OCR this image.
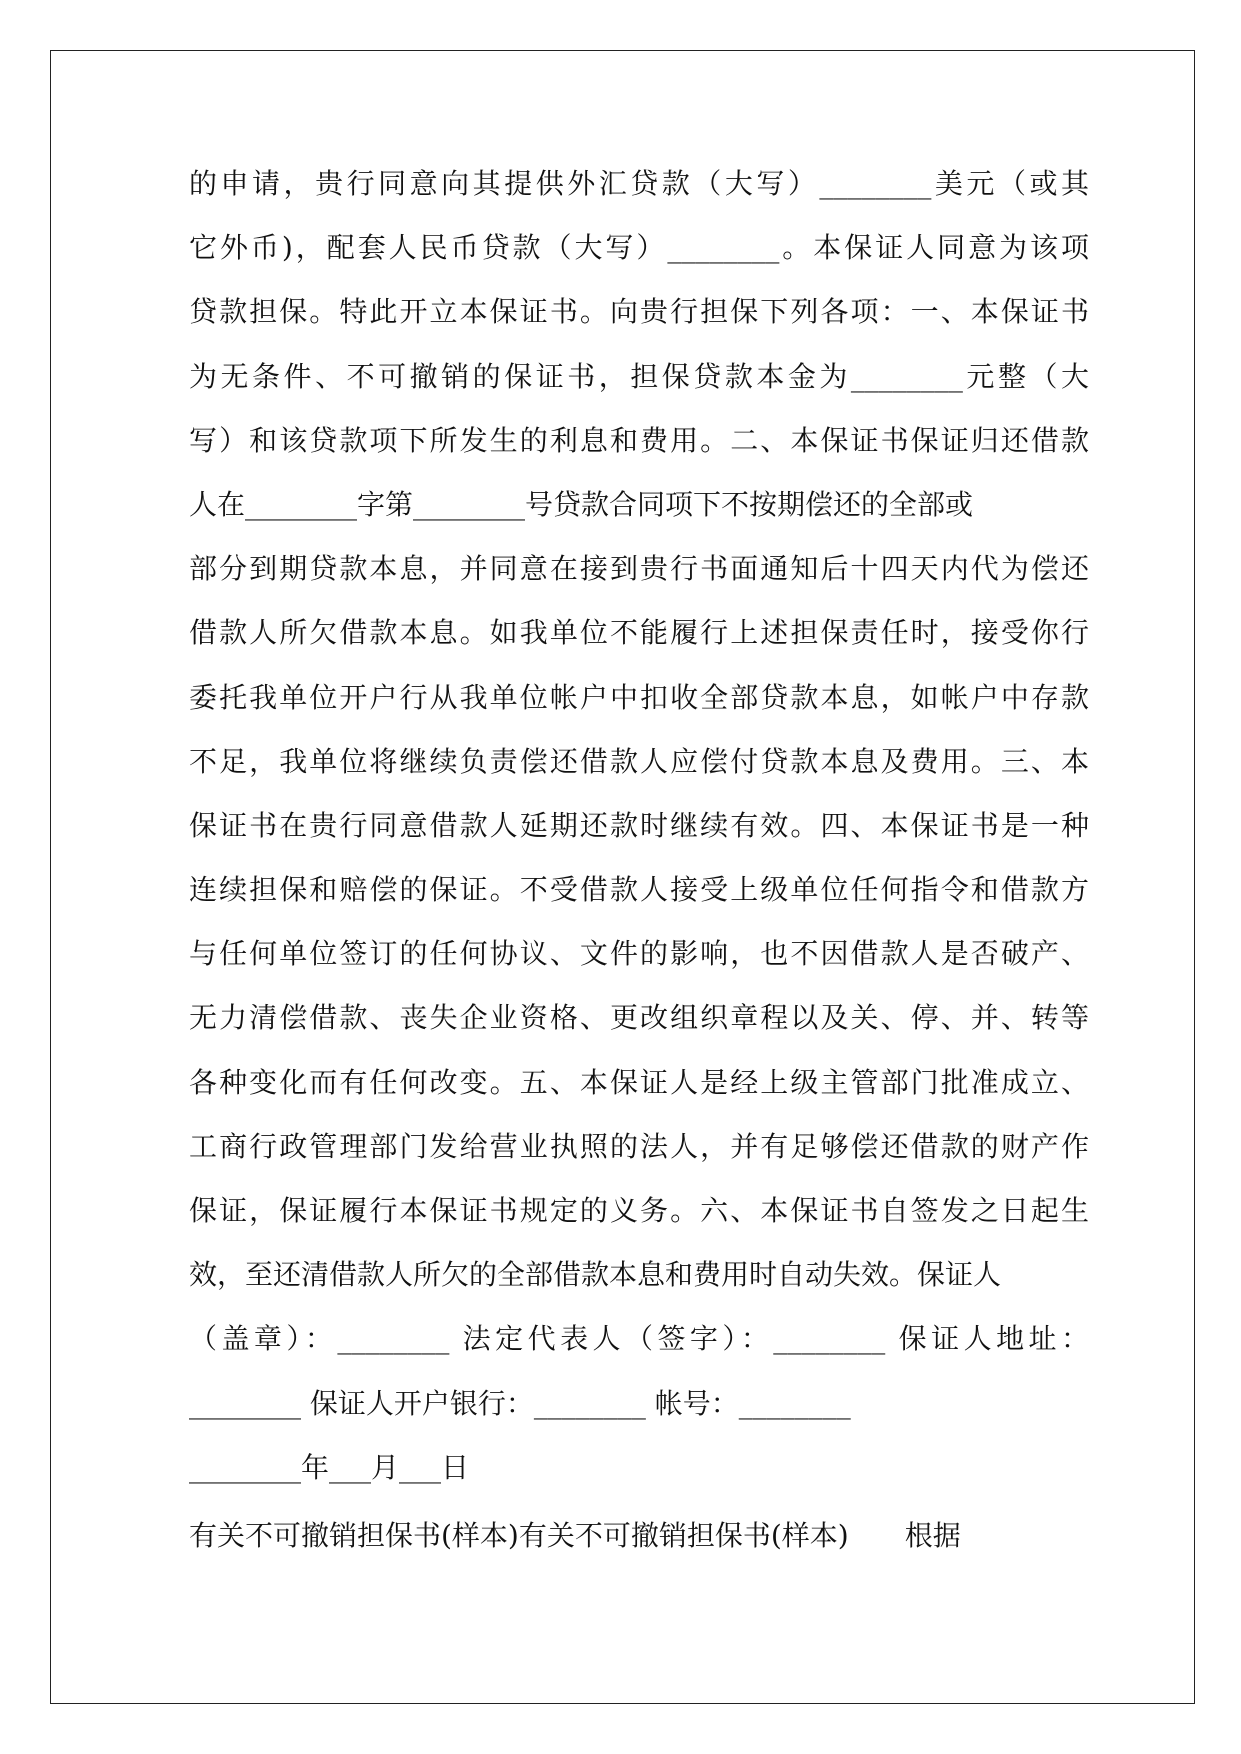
的申请，贵行同意向其提供外汇贷款（大写）________美元（或其
它外币)，配套人民币贷款（大写）________。本保证人同意为该项
贷款担保。特此开立本保证书。向贵行担保下列各项：一、本保证书
为无条件、不可撤销的保证书，担保贷款本金为________元整（大
写）和该贷款项下所发生的利息和费用。二、本保证书保证归还借款
人在________字第________号贷款合同项下不按期偿还的全部或
部分到期贷款本息，并同意在接到贵行书面通知后十四天内代为偿还
借款人所欠借款本息。如我单位不能履行上述担保责任时，接受你行
委托我单位开户行从我单位帐户中扣收全部贷款本息，如帐户中存款
不足，我单位将继续负责偿还借款人应偿付贷款本息及费用。三、本
保证书在贵行同意借款人延期还款时继续有效。四、本保证书是一种
连续担保和赔偿的保证。不受借款人接受上级单位任何指令和借款方
与任何单位签订的任何协议、文件的影响，也不因借款人是否破产、
无力清偿借款、丧失企业资格、更改组织章程以及关、停、并、转等
各种变化而有任何改变。五、本保证人是经上级主管部门批准成立、
工商行政管理部门发给营业执照的法人，并有足够偿还借款的财产作
保证，保证履行本保证书规定的义务。六、本保证书自签发之日起生
效，至还清借款人所欠的全部借款本息和费用时自动失效。保证人
（盖章）：________ 法定代表人（签字）：________ 保证人地址：
________ 保证人开户银行：________ 帐号：________
________年___月___日
有关不可撤销担保书(样本)有关不可撤销担保书(样本)　　根据
